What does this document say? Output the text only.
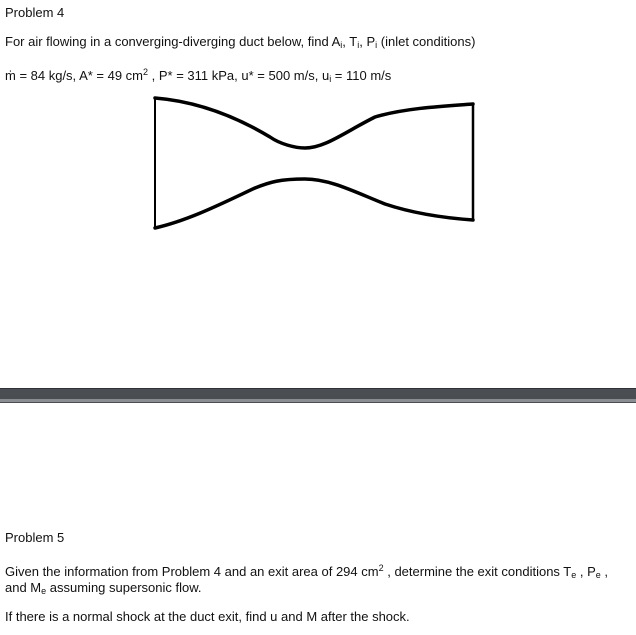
Problem 4
For air flowing in a converging-diverging duct below, find $A_i$, $T_i$, $P_i$ (inlet conditions)
ṁ = 84 kg/s, A* = 49 $cm^2$ , P* = 311 kPa, u* = 500 m/s, $u_i = 110$ m/s
Problem 5
Given the information from Problem 4 and an exit area of 294 $cm^2$ , determine the exit conditions $T_e$ , $P_e$ ,
and $M_e$ assuming supersonic flow.
If there is a normal shock at the duct exit, find u and M after the shock.
